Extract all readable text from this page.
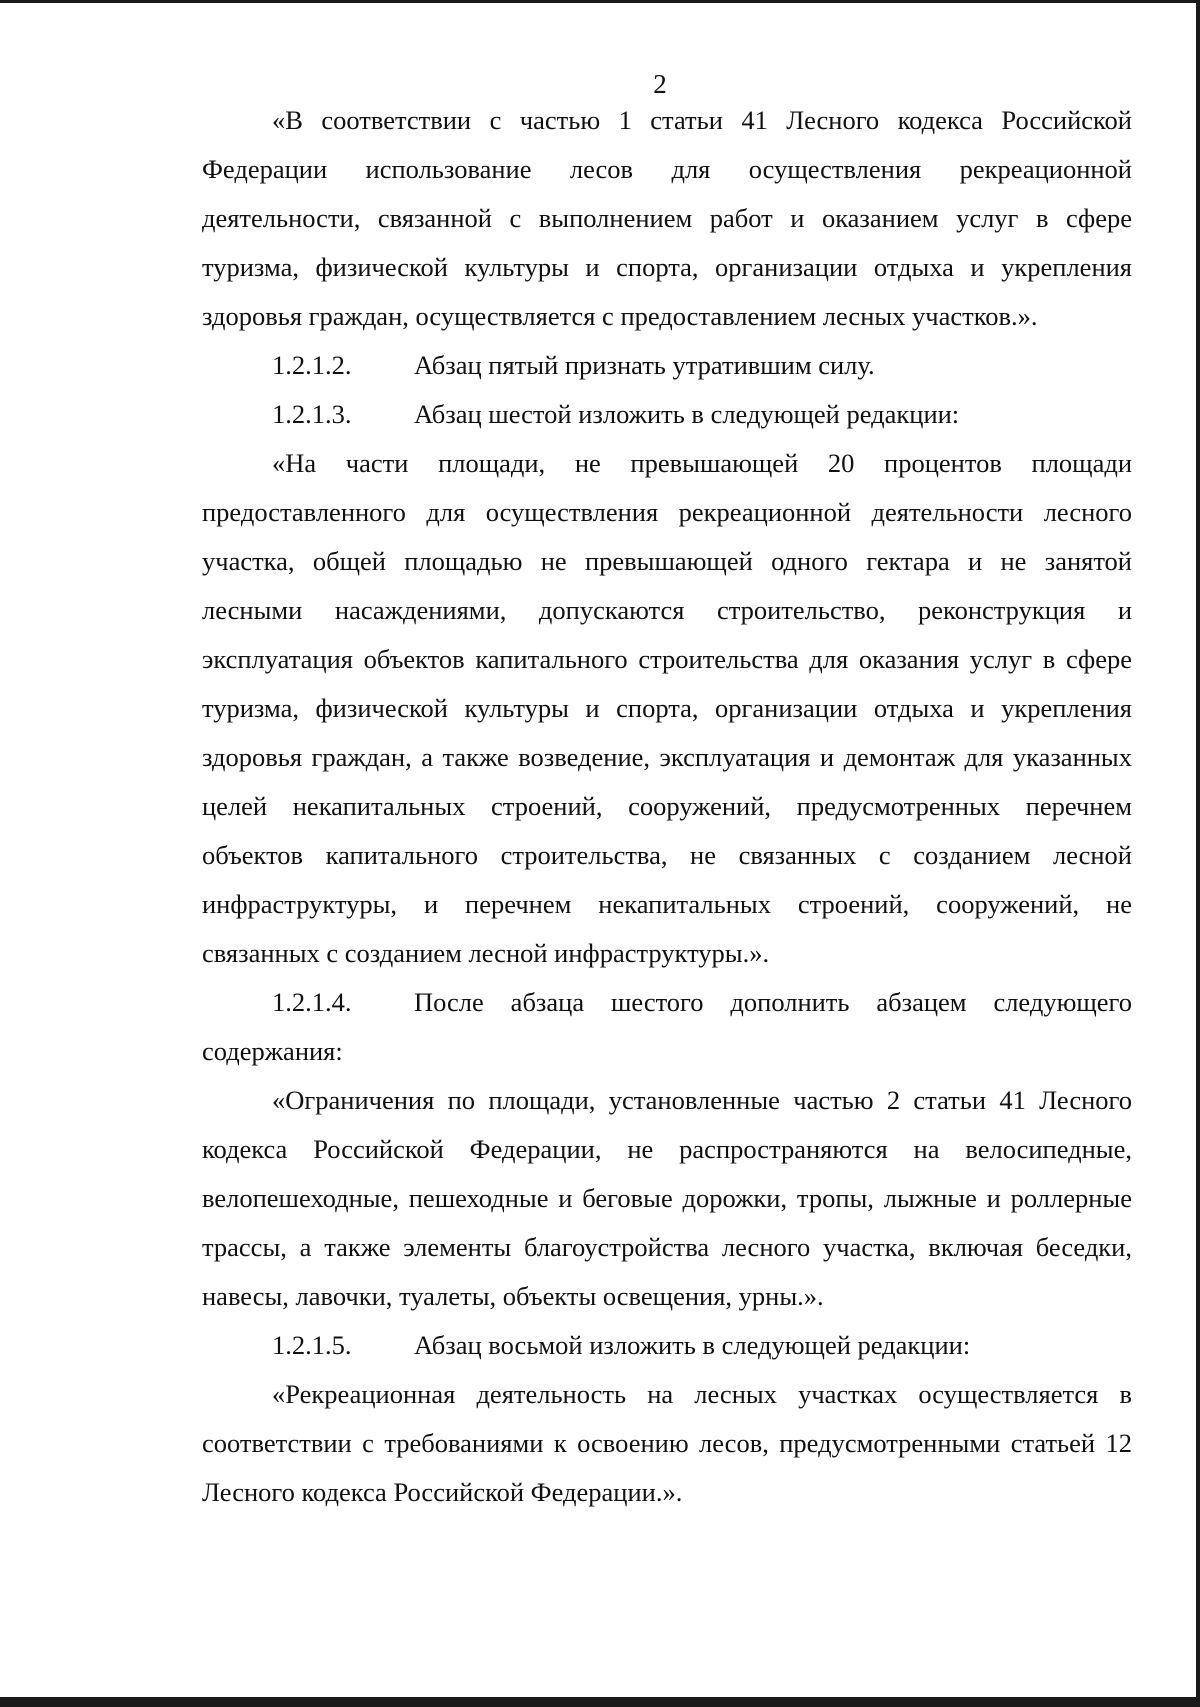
2

«В соответствии с частью 1 статьи 41 Лесного кодекса Российской Федерации использование лесов для осуществления рекреационной деятельности, связанной с выполнением работ и оказанием услуг в сфере туризма, физической культуры и спорта, организации отдыха и укрепления здоровья граждан, осуществляется с предоставлением лесных участков.».

1.2.1.2. Абзац пятый признать утратившим силу.

1.2.1.3. Абзац шестой изложить в следующей редакции:

«На части площади, не превышающей 20 процентов площади предоставленного для осуществления рекреационной деятельности лесного участка, общей площадью не превышающей одного гектара и не занятой лесными насаждениями, допускаются строительство, реконструкция и эксплуатация объектов капитального строительства для оказания услуг в сфере туризма, физической культуры и спорта, организации отдыха и укрепления здоровья граждан, а также возведение, эксплуатация и демонтаж для указанных целей некапитальных строений, сооружений, предусмотренных перечнем объектов капитального строительства, не связанных с созданием лесной инфраструктуры, и перечнем некапитальных строений, сооружений, не связанных с созданием лесной инфраструктуры.».

1.2.1.4. После абзаца шестого дополнить абзацем следующего содержания:

«Ограничения по площади, установленные частью 2 статьи 41 Лесного кодекса Российской Федерации, не распространяются на велосипедные, велопешеходные, пешеходные и беговые дорожки, тропы, лыжные и роллерные трассы, а также элементы благоустройства лесного участка, включая беседки, навесы, лавочки, туалеты, объекты освещения, урны.».

1.2.1.5. Абзац восьмой изложить в следующей редакции:

«Рекреационная деятельность на лесных участках осуществляется в соответствии с требованиями к освоению лесов, предусмотренными статьей 12 Лесного кодекса Российской Федерации.».
